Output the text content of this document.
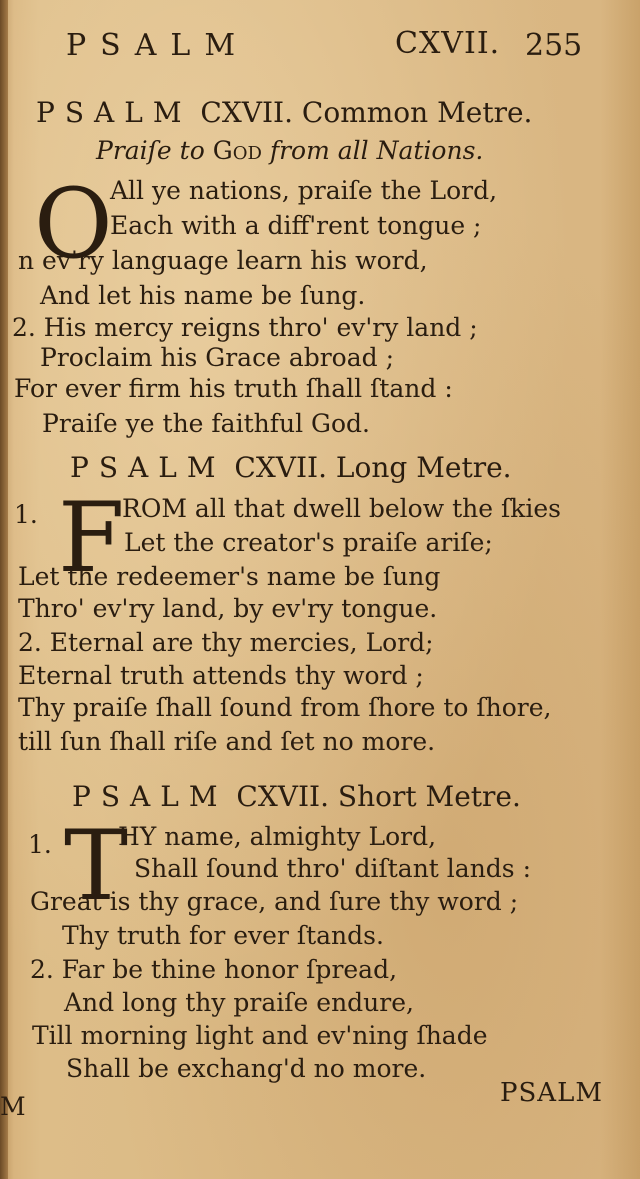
PSALM	CXVII. 255
PSALM CXVII. Common Metre.
Praiſe to God from all Nations.
O
All ye nations, praiſe the Lord,
Each with a diff'rent tongue ;
n ev'ry language learn his word,
And let his name be ſung.
2. His mercy reigns thro' ev'ry land ;
Proclaim his Grace abroad ;
For ever firm his truth ſhall ſtand :
Praiſe ye the faithful God.
PSALM CXVII. Long Metre.
1. F
ROM all that dwell below the ſkies
Let the creator's praiſe ariſe;
Let the redeemer's name be ſung
Thro' ev'ry land, by ev'ry tongue.
2. Eternal are thy mercies, Lord;
Eternal truth attends thy word ;
Thy praiſe ſhall ſound from ſhore to ſhore,
till ſun ſhall riſe and ſet no more.
PSALM CXVII. Short Metre.
1. T
HY name, almighty Lord,
Shall ſound thro' diſtant lands :
Great is thy grace, and ſure thy word ;
Thy truth for ever ſtands.
2. Far be thine honor ſpread,
And long thy praiſe endure,
Till morning light and ev'ning ſhade
Shall be exchang'd no more.
PSALM
M
